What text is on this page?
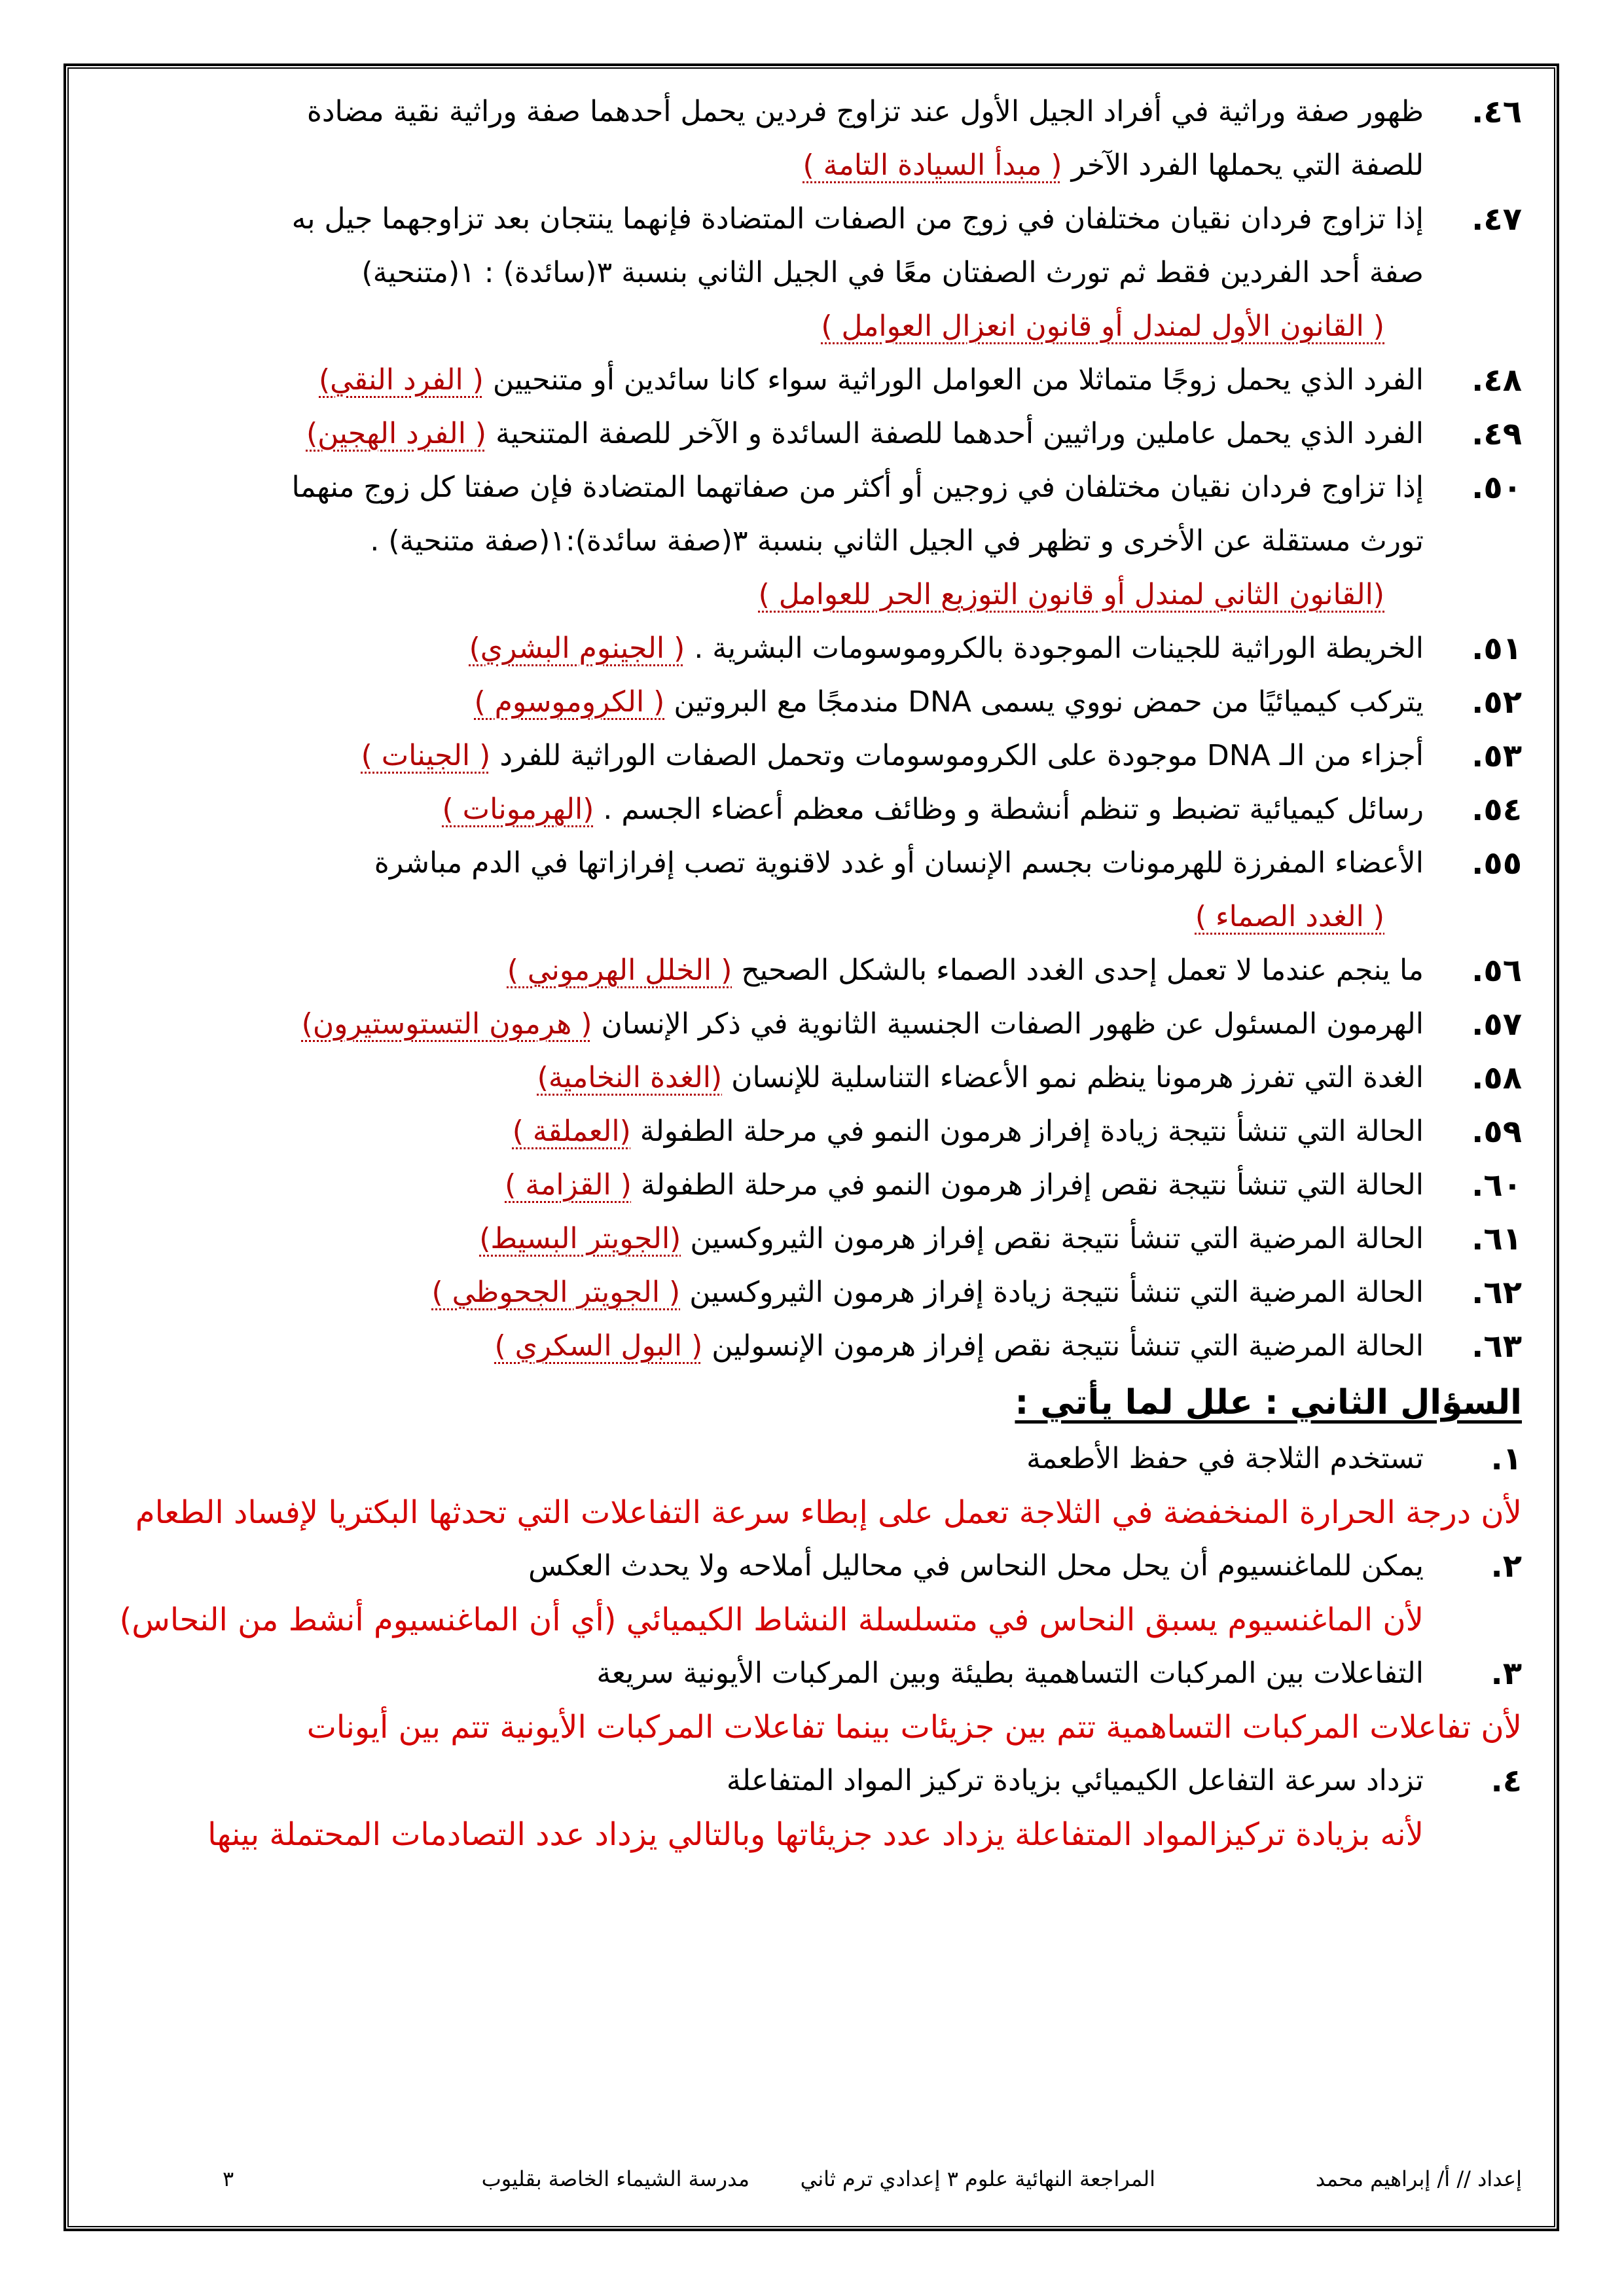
٤٦.
ظهور صفة وراثية في أفراد الجيل الأول عند تزاوج فردين يحمل أحدهما صفة وراثية نقية مضادة
للصفة التي يحملها الفرد الآخر ( مبدأ السيادة التامة )
٤٧.
إذا تزاوج فردان نقيان مختلفان في زوج من الصفات المتضادة فإنهما ينتجان بعد تزاوجهما جيل به
صفة أحد الفردين فقط ثم تورث الصفتان معًا في الجيل الثاني بنسبة ٣(سائدة) : ١(متنحية)
( القانون الأول لمندل أو قانون انعزال العوامل )
٤٨.
الفرد الذي يحمل زوجًا متماثلا من العوامل الوراثية سواء كانا سائدين أو متنحيين ( الفرد النقي)
٤٩.
الفرد الذي يحمل عاملين وراثيين أحدهما للصفة السائدة و الآخر للصفة المتنحية ( الفرد الهجين)
٥٠.
إذا تزاوج فردان نقيان مختلفان في زوجين أو أكثر من صفاتهما المتضادة فإن صفتا كل زوج منهما
تورث مستقلة عن الأخرى و تظهر في الجيل الثاني بنسبة ٣(صفة سائدة):١(صفة متنحية) .
(القانون الثاني لمندل أو قانون التوزيع الحر للعوامل )
٥١.
الخريطة الوراثية للجينات الموجودة بالكروموسومات البشرية . ( الجينوم البشري)
٥٢.
يتركب كيميائيًا من حمض نووي يسمى DNA مندمجًا مع البروتين ( الكروموسوم )
٥٣.
أجزاء من الـ DNA موجودة على الكروموسومات وتحمل الصفات الوراثية للفرد ( الجينات )
٥٤.
رسائل كيميائية تضبط و تنظم أنشطة و وظائف معظم أعضاء الجسم . (الهرمونات )
٥٥.
الأعضاء المفرزة للهرمونات بجسم الإنسان أو غدد لاقنوية تصب إفرازاتها في الدم مباشرة
( الغدد الصماء )
٥٦.
ما ينجم عندما لا تعمل إحدى الغدد الصماء بالشكل الصحيح ( الخلل الهرموني )
٥٧.
الهرمون المسئول عن ظهور الصفات الجنسية الثانوية في ذكر الإنسان ( هرمون التستوستيرون)
٥٨.
الغدة التي تفرز هرمونا ينظم نمو الأعضاء التناسلية للإنسان (الغدة النخامية)
٥٩.
الحالة التي تنشأ نتيجة زيادة إفراز هرمون النمو في مرحلة الطفولة (العملقة )
٦٠.
الحالة التي تنشأ نتيجة نقص إفراز هرمون النمو في مرحلة الطفولة ( القزامة )
٦١.
الحالة المرضية التي تنشأ نتيجة نقص إفراز هرمون الثيروكسين (الجويتر البسيط)
٦٢.
الحالة المرضية التي تنشأ نتيجة زيادة إفراز هرمون الثيروكسين ( الجويتر الجحوظي )
٦٣.
الحالة المرضية التي تنشأ نتيجة نقص إفراز هرمون الإنسولين ( البول السكري )
السؤال الثاني : علل لما يأتي :
١.
تستخدم الثلاجة في حفظ الأطعمة
لأن درجة الحرارة المنخفضة في الثلاجة تعمل على إبطاء سرعة التفاعلات التي تحدثها البكتريا لإفساد الطعام
٢.
يمكن للماغنسيوم أن يحل محل النحاس في محاليل أملاحه ولا يحدث العكس
لأن الماغنسيوم يسبق النحاس في متسلسلة النشاط الكيميائي (أي أن الماغنسيوم أنشط من النحاس)
٣.
التفاعلات بين المركبات التساهمية بطيئة وبين المركبات الأيونية سريعة
لأن تفاعلات المركبات التساهمية تتم بين جزيئات بينما تفاعلات المركبات الأيونية تتم بين أيونات
٤.
تزداد سرعة التفاعل الكيميائي بزيادة تركيز المواد المتفاعلة
لأنه بزيادة تركيزالمواد المتفاعلة يزداد عدد جزيئاتها وبالتالي يزداد عدد التصادمات المحتملة بينها
إعداد // أ/ إبراهيم محمد
المراجعة النهائية علوم ٣ إعدادي ترم ثاني
مدرسة الشيماء الخاصة بقليوب
٣
